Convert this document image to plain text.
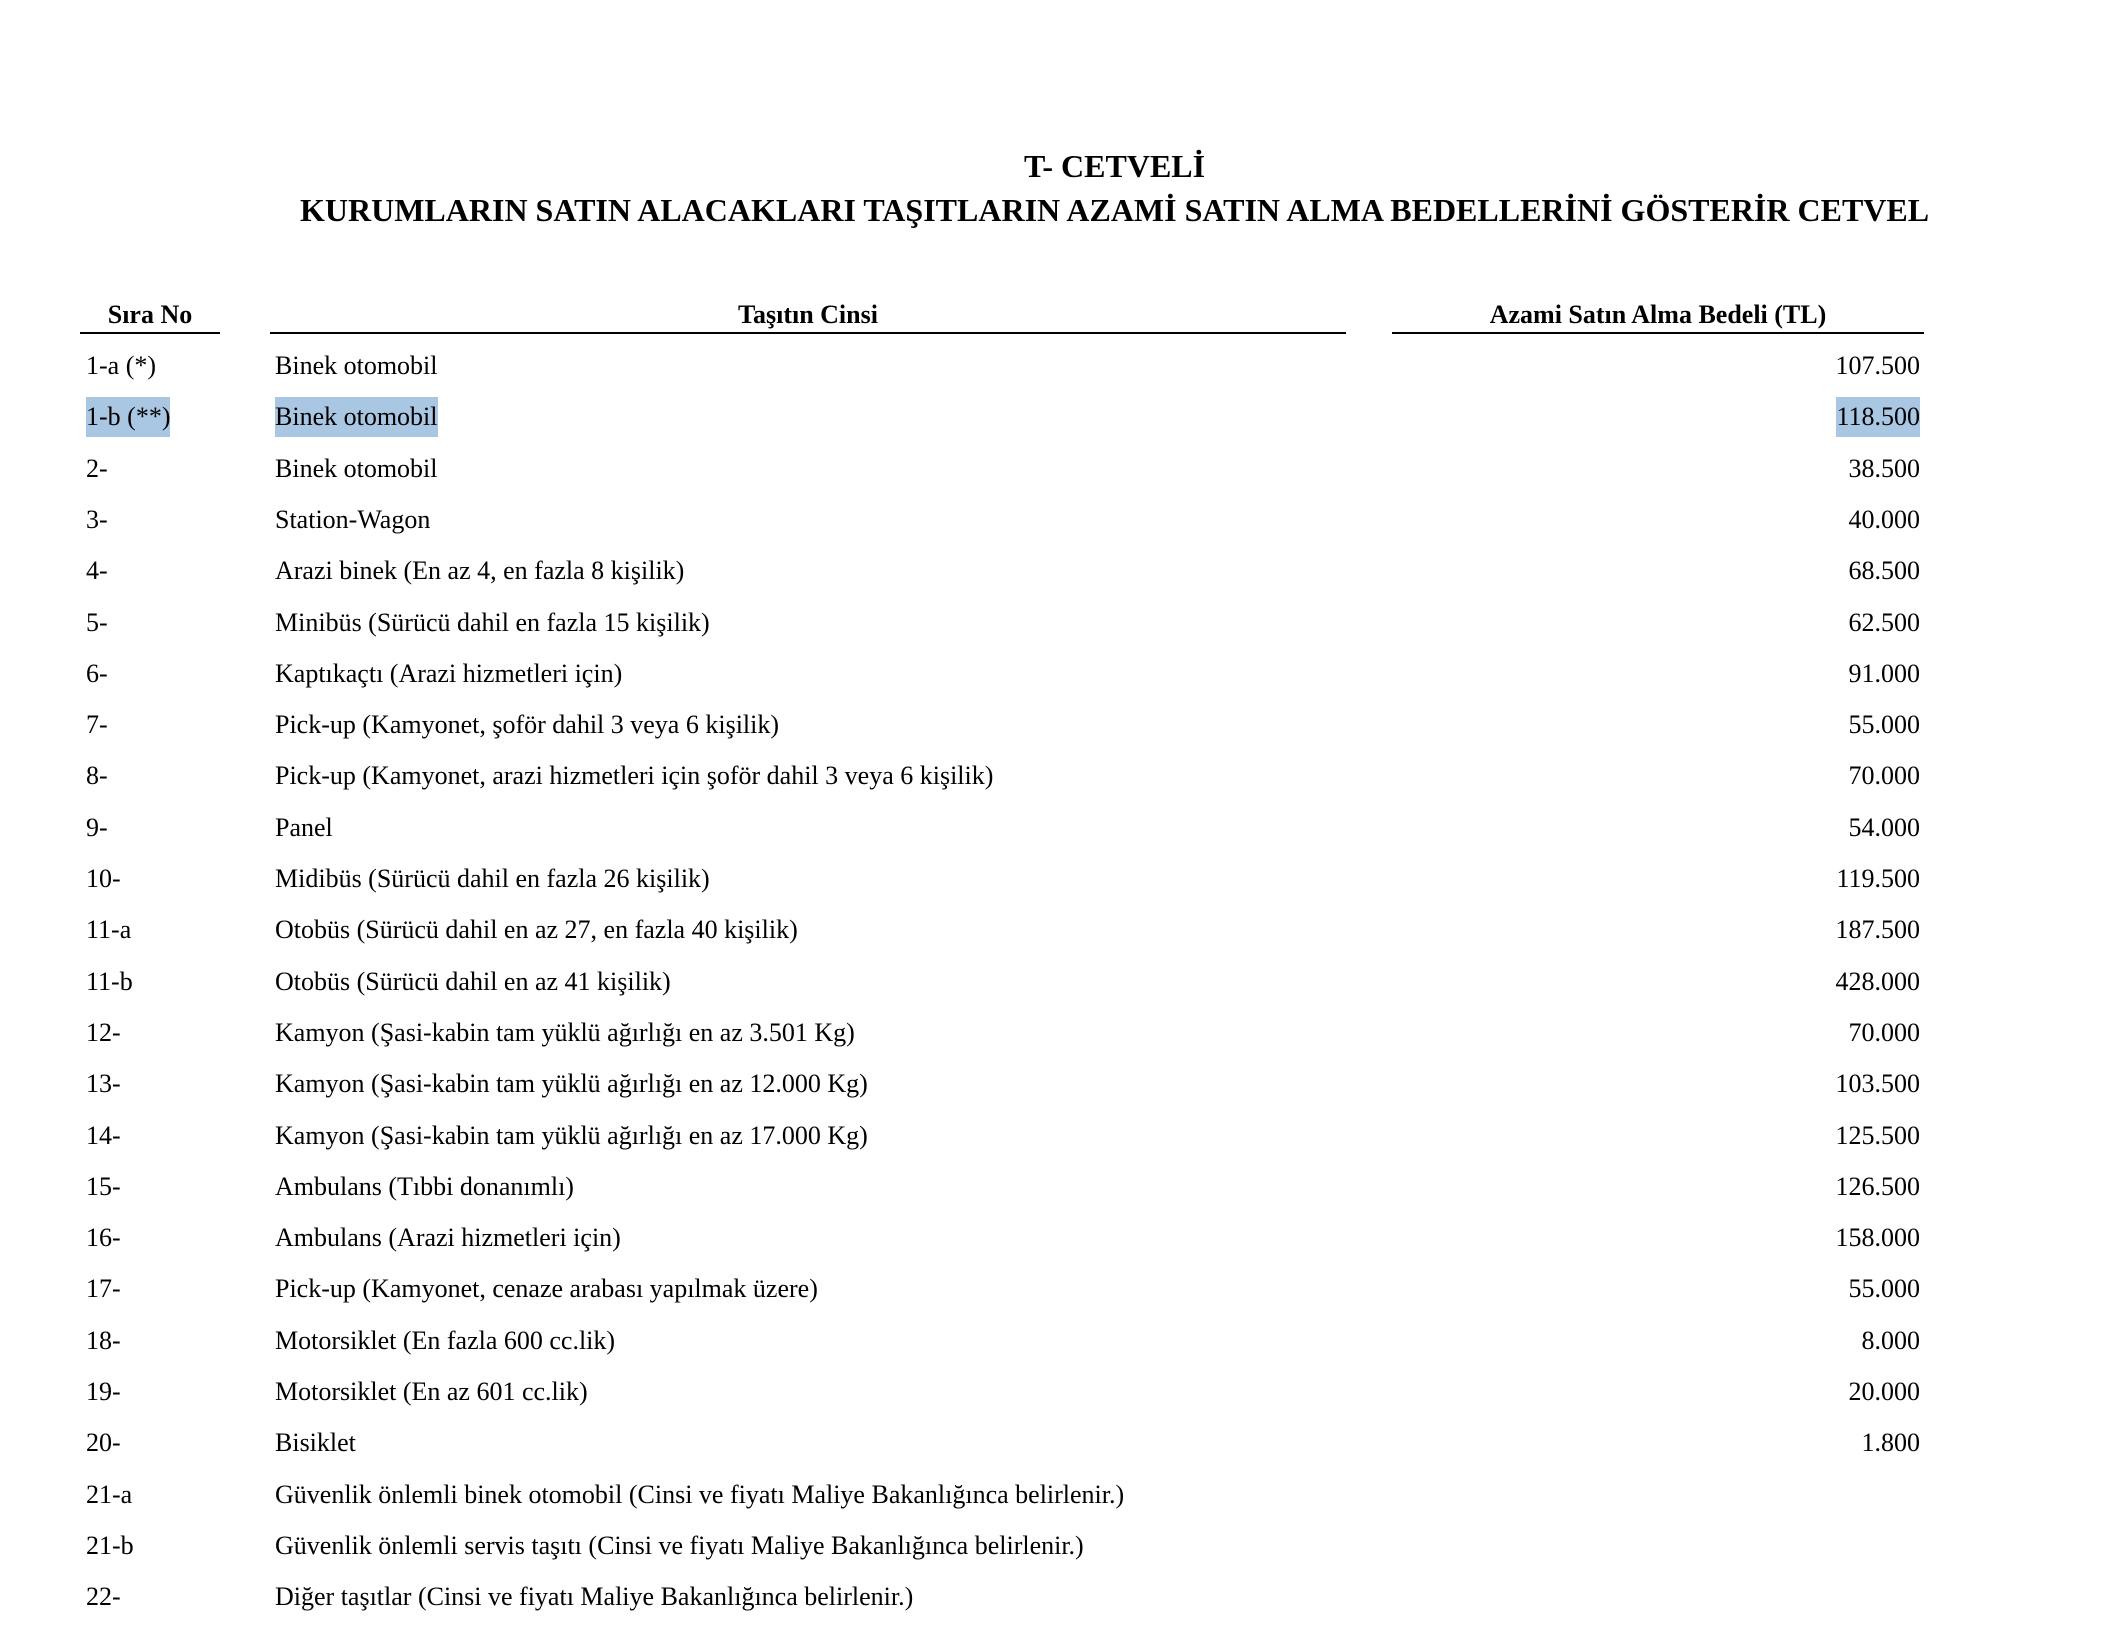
T- CETVELİ
KURUMLARIN SATIN ALACAKLARI TAŞITLARIN AZAMİ SATIN ALMA BEDELLERİNİ GÖSTERİR CETVEL
Sıra No	Taşıtın Cinsi	Azami Satın Alma Bedeli (TL)
1-a (*)	Binek otomobil	107.500
1-b (**)	Binek otomobil	118.500
2-	Binek otomobil	38.500
3-	Station-Wagon	40.000
4-	Arazi binek (En az 4, en fazla 8 kişilik)	68.500
5-	Minibüs (Sürücü dahil en fazla 15 kişilik)	62.500
6-	Kaptıkaçtı (Arazi hizmetleri için)	91.000
7-	Pick-up (Kamyonet, şoför dahil 3 veya 6 kişilik)	55.000
8-	Pick-up (Kamyonet, arazi hizmetleri için şoför dahil 3 veya 6 kişilik)	70.000
9-	Panel	54.000
10-	Midibüs (Sürücü dahil en fazla 26 kişilik)	119.500
11-a	Otobüs (Sürücü dahil en az 27, en fazla 40 kişilik)	187.500
11-b	Otobüs (Sürücü dahil en az 41 kişilik)	428.000
12-	Kamyon (Şasi-kabin tam yüklü ağırlığı en az 3.501 Kg)	70.000
13-	Kamyon (Şasi-kabin tam yüklü ağırlığı en az 12.000 Kg)	103.500
14-	Kamyon (Şasi-kabin tam yüklü ağırlığı en az 17.000 Kg)	125.500
15-	Ambulans (Tıbbi donanımlı)	126.500
16-	Ambulans (Arazi hizmetleri için)	158.000
17-	Pick-up (Kamyonet, cenaze arabası yapılmak üzere)	55.000
18-	Motorsiklet (En fazla 600 cc.lik)	8.000
19-	Motorsiklet (En az 601 cc.lik)	20.000
20-	Bisiklet	1.800
21-a	Güvenlik önlemli binek otomobil (Cinsi ve fiyatı Maliye Bakanlığınca belirlenir.)
21-b	Güvenlik önlemli servis taşıtı (Cinsi ve fiyatı Maliye Bakanlığınca belirlenir.)
22-	Diğer taşıtlar (Cinsi ve fiyatı Maliye Bakanlığınca belirlenir.)
